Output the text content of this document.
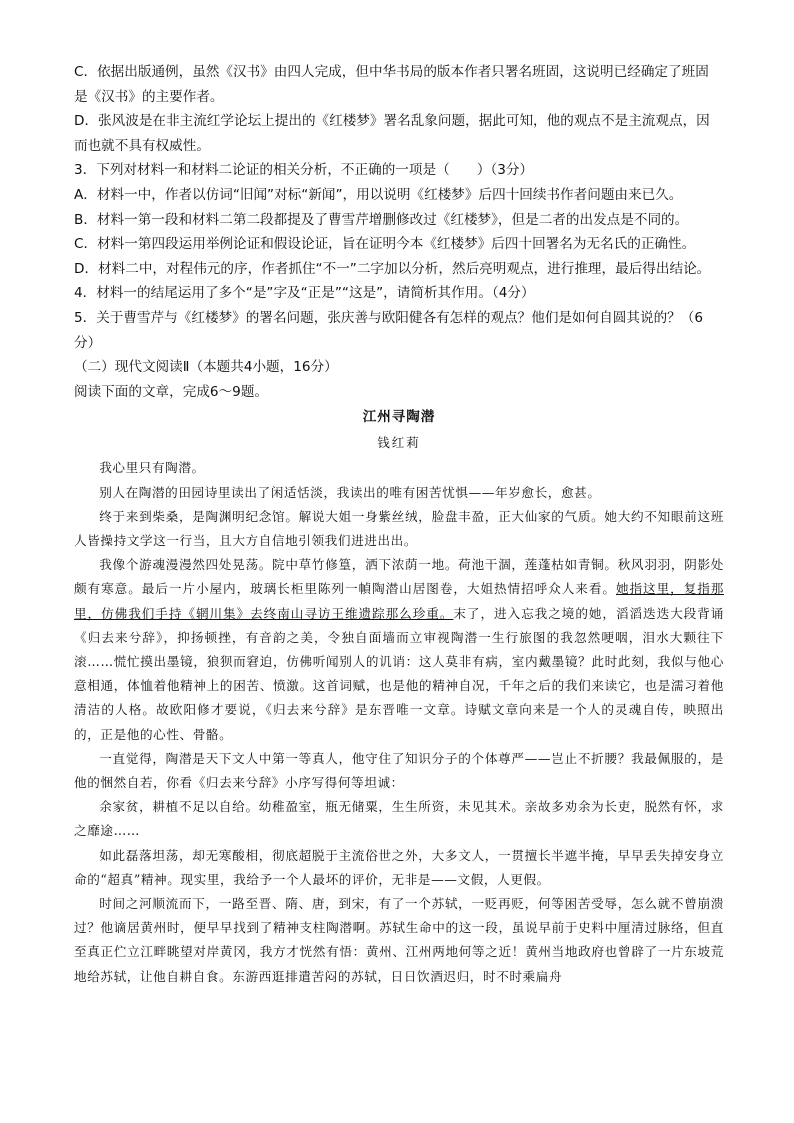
C．依据出版通例，虽然《汉书》由四人完成，但中华书局的版本作者只署名班固，这说明已经确定了班固

是《汉书》的主要作者。

D．张风波是在非主流红学论坛上提出的《红楼梦》署名乱象问题，据此可知，他的观点不是主流观点，因

而也就不具有权威性。

3．下列对材料一和材料二论证的相关分析，不正确的一项是（　　）（3分）

A．材料一中，作者以仿词“旧闻”对标“新闻”，用以说明《红楼梦》后四十回续书作者问题由来已久。

B．材料一第一段和材料二第二段都提及了曹雪芹增删修改过《红楼梦》，但是二者的出发点是不同的。

C．材料一第四段运用举例论证和假设论证，旨在证明今本《红楼梦》后四十回署名为无名氏的正确性。

D．材料二中，对程伟元的序，作者抓住“不一”二字加以分析，然后亮明观点，进行推理，最后得出结论。

4．材料一的结尾运用了多个“是”字及“正是”“这是”，请简析其作用。（4分）

5．关于曹雪芹与《红楼梦》的署名问题，张庆善与欧阳健各有怎样的观点？他们是如何自圆其说的？（6

分）

（二）现代文阅读Ⅱ（本题共4小题，16分）

阅读下面的文章，完成6～9题。

江州寻陶潜

钱红莉

我心里只有陶潜。

别人在陶潜的田园诗里读出了闲适恬淡，我读出的唯有困苦忧惧——年岁愈长，愈甚。

终于来到柴桑，是陶渊明纪念馆。解说大姐一身紫丝绒，脸盘丰盈，正大仙家的气质。她大约不知眼前这班人皆操持文学这一行当，且大方自信地引领我们进进出出。

我像个游魂漫漫然四处晃荡。院中草竹修篁，洒下浓荫一地。荷池干涸，莲蓬枯如青铜。秋风羽羽，阴影处颇有寒意。最后一片小屋内，玻璃长柜里陈列一幀陶潜山居图卷，大姐热情招呼众人来看。她指这里，复指那里，仿佛我们手持《辋川集》去终南山寻访王维遗踪那么珍重。末了，进入忘我之境的她，滔滔迭迭大段背诵《归去来兮辞》，抑扬顿挫，有音韵之美，令独自面墙而立审视陶潜一生行旅图的我忽然哽咽，泪水大颗往下滚……慌忙摸出墨镜，狼狈而窘迫，仿佛听闻别人的讥诮：这人莫非有病，室内戴墨镜？此时此刻，我似与他心意相通，体恤着他精神上的困苦、愤激。这首词赋，也是他的精神自况，千年之后的我们来读它，也是濡习着他清洁的人格。故欧阳修才要说，《归去来兮辞》是东晋唯一文章。诗赋文章向来是一个人的灵魂自传，映照出的，正是他的心性、骨骼。

一直觉得，陶潜是天下文人中第一等真人，他守住了知识分子的个体尊严——岂止不折腰？我最佩服的，是他的悃然自若，你看《归去来兮辞》小序写得何等坦诚：

余家贫，耕植不足以自给。幼稚盈室，瓶无储粟，生生所资，未见其术。亲故多劝余为长吏，脱然有怀，求之靡途……

如此磊落坦荡，却无寒酸相，彻底超脱于主流俗世之外，大多文人，一贯擅长半遮半掩，早早丢失掉安身立命的“超真”精神。现实里，我给予一个人最坏的评价，无非是——文假，人更假。

时间之河顺流而下，一路至晋、隋、唐，到宋，有了一个苏轼，一贬再贬，何等困苦受辱，怎么就不曾崩溃过？他谪居黄州时，便早早找到了精神支柱陶潜啊。苏轼生命中的这一段，虽说早前于史料中厘清过脉络，但直至真正伫立江畔眺望对岸黄冈，我方才恍然有悟：黄州、江州两地何等之近！黄州当地政府也曾辟了一片东坡荒地给苏轼，让他自耕自食。东游西逛排遣苦闷的苏轼，日日饮酒迟归，时不时乘扁舟
